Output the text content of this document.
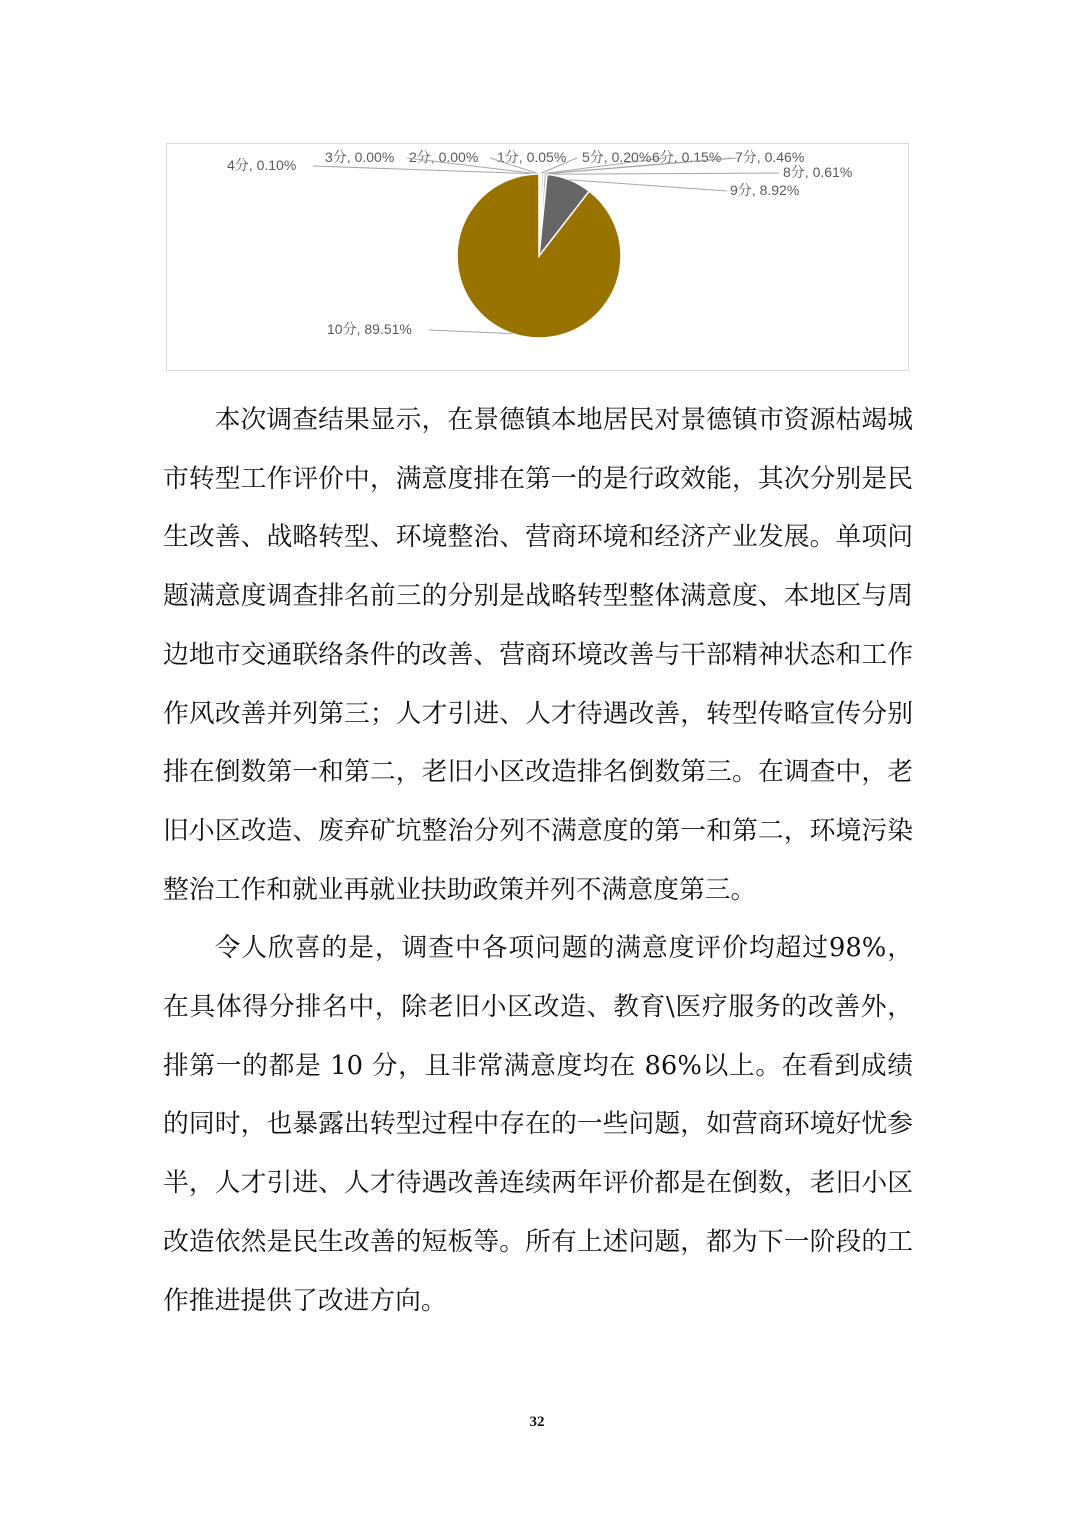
1分, 0.05%
2分, 0.00%
3分, 0.00%
4分, 0.10%	5分, 0.20% 6分, 0.15% 7分, 0.46%
8分, 0.61%
9分, 8.92%
10分, 89.51%

本次调查结果显示，在景德镇本地居民对景德镇市资源枯竭城市转型工作评价中，满意度排在第一的是行政效能，其次分别是民生改善、战略转型、环境整治、营商环境和经济产业发展。单项问题满意度调查排名前三的分别是战略转型整体满意度、本地区与周边地市交通联络条件的改善、营商环境改善与干部精神状态和工作作风改善并列第三；人才引进、人才待遇改善，转型传略宣传分别排在倒数第一和第二，老旧小区改造排名倒数第三。在调查中，老旧小区改造、废弃矿坑整治分列不满意度的第一和第二，环境污染整治工作和就业再就业扶助政策并列不满意度第三。

令人欣喜的是，调查中各项问题的满意度评价均超过98%，在具体得分排名中，除老旧小区改造、教育\医疗服务的改善外，排第一的都是 10 分，且非常满意度均在 86%以上。在看到成绩的同时，也暴露出转型过程中存在的一些问题，如营商环境好忧参半，人才引进、人才待遇改善连续两年评价都是在倒数，老旧小区改造依然是民生改善的短板等。所有上述问题，都为下一阶段的工作推进提供了改进方向。

32
